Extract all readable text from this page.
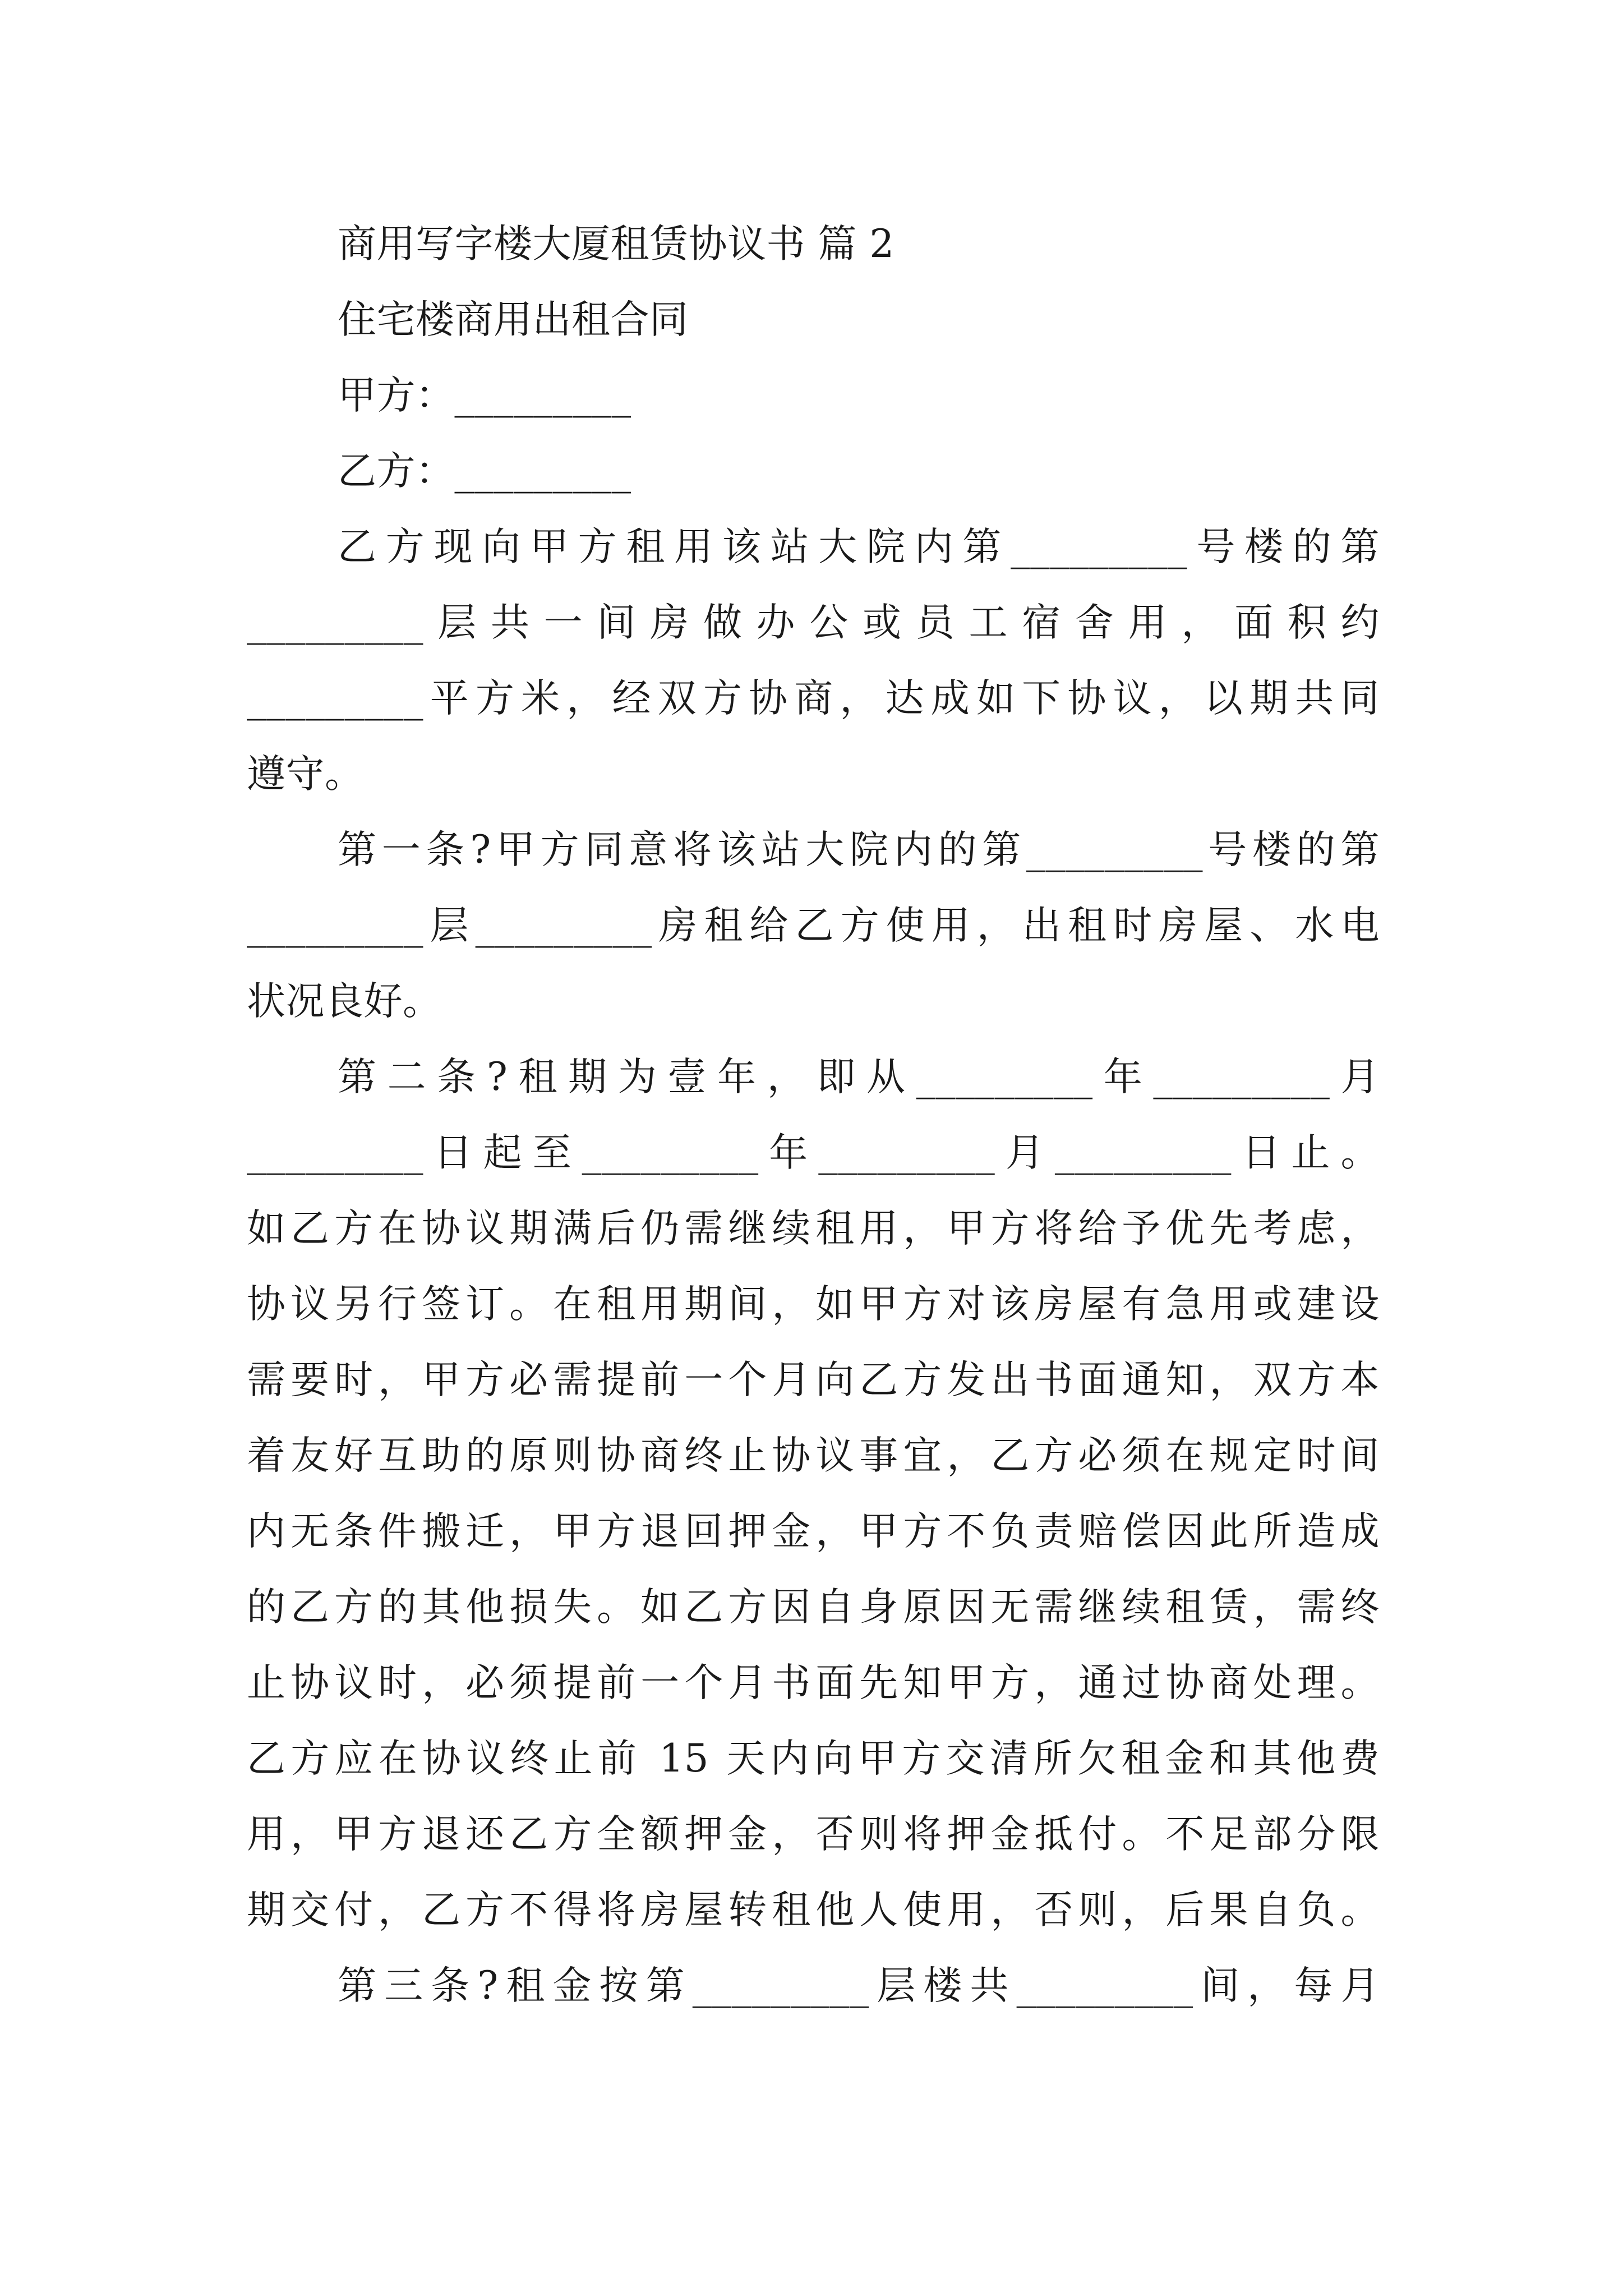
商用写字楼大厦租赁协议书 篇 2
住宅楼商用出租合同
甲方：_________
乙方：_________
乙方现向甲方租用该站大院内第_________号楼的第
_________层共一间房做办公或员工宿舍用，面积约
_________平方米，经双方协商，达成如下协议，以期共同
遵守。
第一条?甲方同意将该站大院内的第_________号楼的第
_________层_________房租给乙方使用，出租时房屋、水电
状况良好。
第二条?租期为壹年，即从_________年_________月
_________日起至_________年_________月_________日止。
如乙方在协议期满后仍需继续租用，甲方将给予优先考虑，
协议另行签订。在租用期间，如甲方对该房屋有急用或建设
需要时，甲方必需提前一个月向乙方发出书面通知，双方本
着友好互助的原则协商终止协议事宜，乙方必须在规定时间
内无条件搬迁，甲方退回押金，甲方不负责赔偿因此所造成
的乙方的其他损失。如乙方因自身原因无需继续租赁，需终
止协议时，必须提前一个月书面先知甲方，通过协商处理。
乙方应在协议终止前 15 天内向甲方交清所欠租金和其他费
用，甲方退还乙方全额押金，否则将押金抵付。不足部分限
期交付，乙方不得将房屋转租他人使用，否则，后果自负。
第三条?租金按第_________层楼共_________间，每月
